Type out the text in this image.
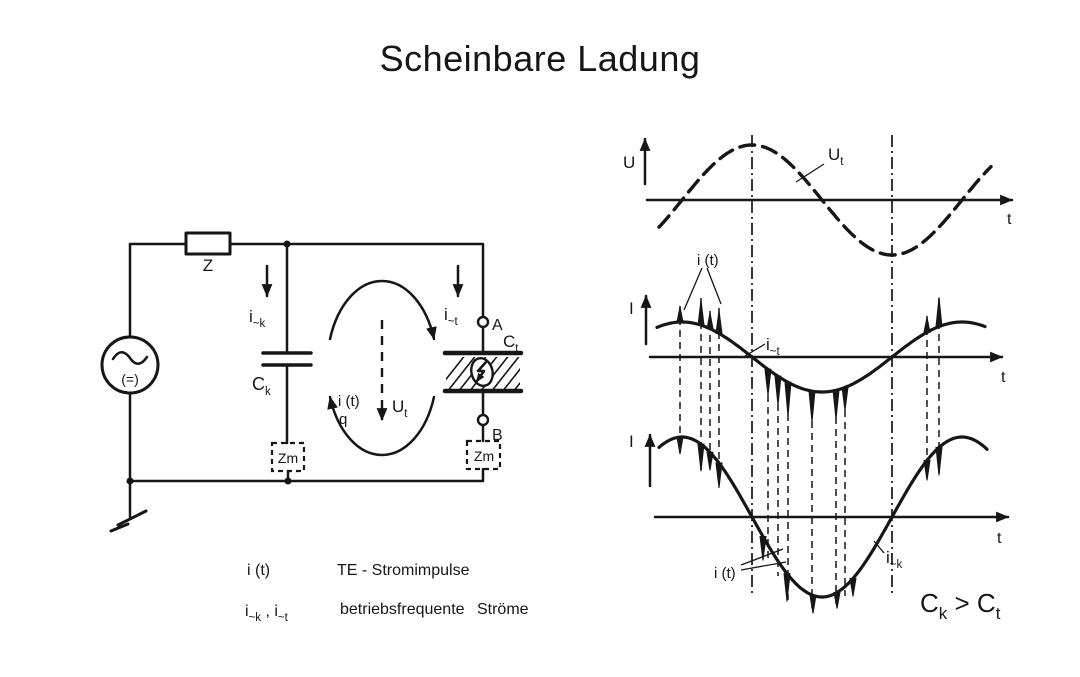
Scheinbare Ladung
(=)
Z
$i_{\sim k}$
$C_k$
Zm
i (t)
q
$U_t$
$i_{\sim t}$ A
$C_t$
B
Zm
i (t)	TE - Stromimpulse
$i_{\sim k}$ , $i_{\sim t}$	betriebsfrequente  Ströme
U
t
I
t
I
t
$U_t$
$i_{\sim t}$
i (t)
i (t)
$i_{\sim k}$
$C_k > C_t$
